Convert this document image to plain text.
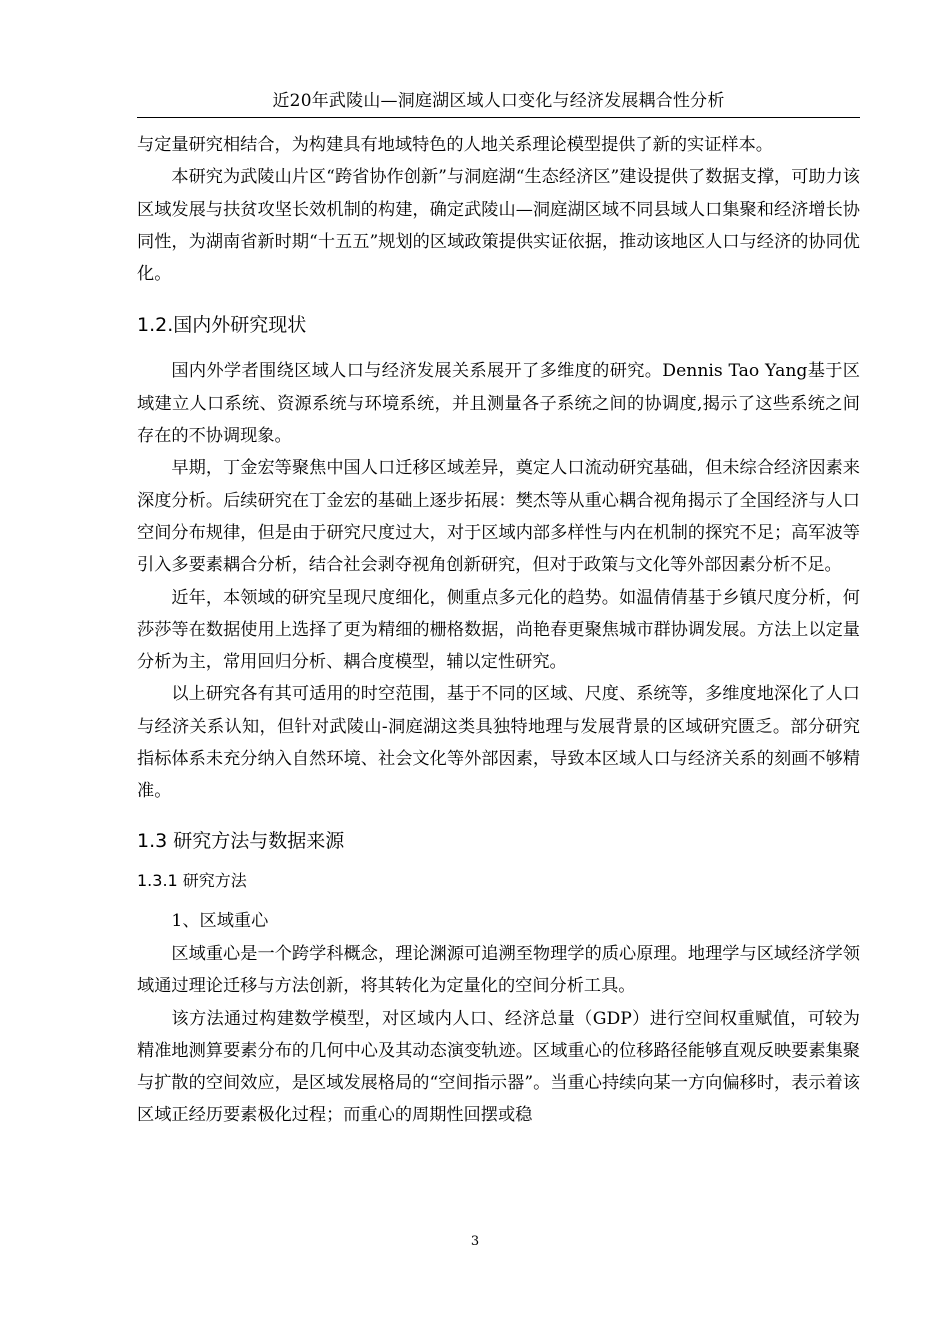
近20年武陵山—洞庭湖区域人口变化与经济发展耦合性分析

与定量研究相结合，为构建具有地域特色的人地关系理论模型提供了新的实证样本。

本研究为武陵山片区“跨省协作创新”与洞庭湖“生态经济区”建设提供了数据支撑，可助力该区域发展与扶贫攻坚长效机制的构建，确定武陵山—洞庭湖区域不同县域人口集聚和经济增长协同性，为湖南省新时期“十五五”规划的区域政策提供实证依据，推动该地区人口与经济的协同优化。

1.2.国内外研究现状

国内外学者围绕区域人口与经济发展关系展开了多维度的研究。Dennis Tao Yang基于区域建立人口系统、资源系统与环境系统，并且测量各子系统之间的协调度,揭示了这些系统之间存在的不协调现象。

早期，丁金宏等聚焦中国人口迁移区域差异，奠定人口流动研究基础，但未综合经济因素来深度分析。后续研究在丁金宏的基础上逐步拓展：樊杰等从重心耦合视角揭示了全国经济与人口空间分布规律，但是由于研究尺度过大，对于区域内部多样性与内在机制的探究不足；高军波等引入多要素耦合分析，结合社会剥夺视角创新研究，但对于政策与文化等外部因素分析不足。

近年，本领域的研究呈现尺度细化，侧重点多元化的趋势。如温倩倩基于乡镇尺度分析，何莎莎等在数据使用上选择了更为精细的栅格数据，尚艳春更聚焦城市群协调发展。方法上以定量分析为主，常用回归分析、耦合度模型，辅以定性研究。

以上研究各有其可适用的时空范围，基于不同的区域、尺度、系统等，多维度地深化了人口与经济关系认知，但针对武陵山-洞庭湖这类具独特地理与发展背景的区域研究匮乏。部分研究指标体系未充分纳入自然环境、社会文化等外部因素，导致本区域人口与经济关系的刻画不够精准。

1.3 研究方法与数据来源
1.3.1 研究方法

1、区域重心

区域重心是一个跨学科概念，理论渊源可追溯至物理学的质心原理。地理学与区域经济学领域通过理论迁移与方法创新，将其转化为定量化的空间分析工具。

该方法通过构建数学模型，对区域内人口、经济总量（GDP）进行空间权重赋值，可较为精准地测算要素分布的几何中心及其动态演变轨迹。区域重心的位移路径能够直观反映要素集聚与扩散的空间效应，是区域发展格局的“空间指示器”。当重心持续向某一方向偏移时，表示着该区域正经历要素极化过程；而重心的周期性回摆或稳

3
